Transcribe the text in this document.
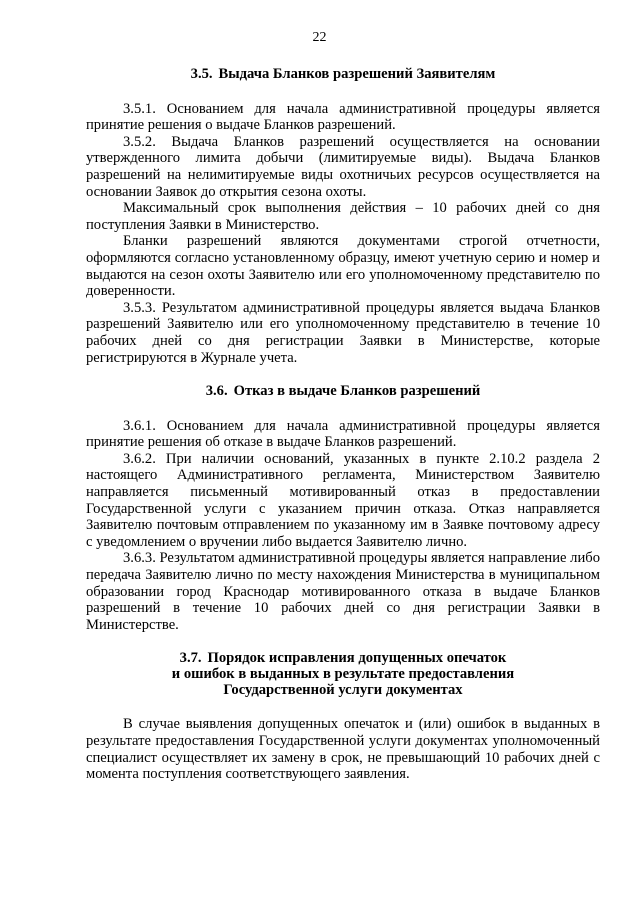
22

3.5. Выдача Бланков разрешений Заявителям

3.5.1. Основанием для начала административной процедуры является принятие решения о выдаче Бланков разрешений.

3.5.2. Выдача Бланков разрешений осуществляется на основании утвержденного лимита добычи (лимитируемые виды). Выдача Бланков разрешений на нелимитируемые виды охотничьих ресурсов осуществляется на основании Заявок до открытия сезона охоты.

Максимальный срок выполнения действия – 10 рабочих дней со дня поступления Заявки в Министерство.

Бланки разрешений являются документами строгой отчетности, оформляются согласно установленному образцу, имеют учетную серию и номер и выдаются на сезон охоты Заявителю или его уполномоченному представителю по доверенности.

3.5.3. Результатом административной процедуры является выдача Бланков разрешений Заявителю или его уполномоченному представителю в течение 10 рабочих дней со дня регистрации Заявки в Министерстве, которые регистрируются в Журнале учета.

3.6. Отказ в выдаче Бланков разрешений

3.6.1. Основанием для начала административной процедуры является принятие решения об отказе в выдаче Бланков разрешений.

3.6.2. При наличии оснований, указанных в пункте 2.10.2 раздела 2 настоящего Административного регламента, Министерством Заявителю направляется письменный мотивированный отказ в предоставлении Государственной услуги с указанием причин отказа. Отказ направляется Заявителю почтовым отправлением по указанному им в Заявке почтовому адресу с уведомлением о вручении либо выдается Заявителю лично.

3.6.3. Результатом административной процедуры является направление либо передача Заявителю лично по месту нахождения Министерства в муниципальном образовании город Краснодар мотивированного отказа в выдаче Бланков разрешений в течение 10 рабочих дней со дня регистрации Заявки в Министерстве.

3.7. Порядок исправления допущенных опечаток
и ошибок в выданных в результате предоставления
Государственной услуги документах

В случае выявления допущенных опечаток и (или) ошибок в выданных в результате предоставления Государственной услуги документах уполномоченный специалист осуществляет их замену в срок, не превышающий 10 рабочих дней с момента поступления соответствующего заявления.
